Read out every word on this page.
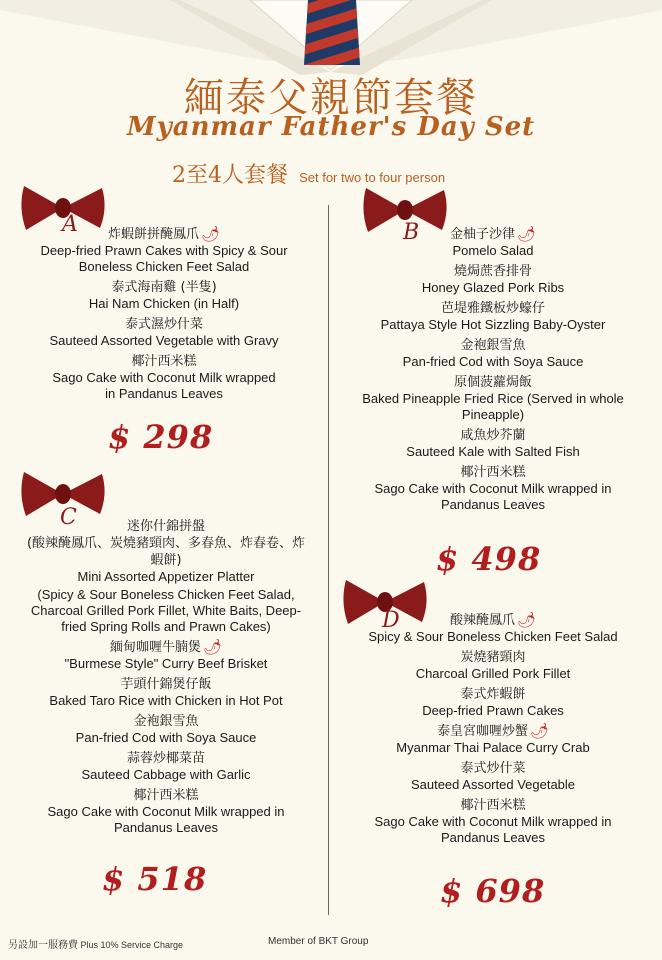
緬泰父親節套餐
Myanmar Father's Day Set
2至4人套餐 Set for two to four person
A	B
C
D
炸蝦餅拼醃鳳爪 🌶
Deep-fried Prawn Cakes with Spicy & Sour Boneless Chicken Feet Salad
泰式海南雞 (半隻)
Hai Nam Chicken (in Half)
泰式濕炒什菜
Sauteed Assorted Vegetable with Gravy
椰汁西米糕
Sago Cake with Coconut Milk wrapped in Pandanus Leaves
$ 298
金柚子沙律 🌶
Pomelo Salad
燒焗蔗香排骨
Honey Glazed Pork Ribs
芭堤雅鐵板炒蠔仔
Pattaya Style Hot Sizzling Baby-Oyster
金袍銀雪魚
Pan-fried Cod with Soya Sauce
原個菠蘿焗飯
Baked Pineapple Fried Rice (Served in whole Pineapple)
咸魚炒芥蘭
Sauteed Kale with Salted Fish
椰汁西米糕
Sago Cake with Coconut Milk wrapped in Pandanus Leaves
$ 498
迷你什錦拼盤
(酸辣醃鳳爪、炭燒豬頸肉、多春魚、炸春卷、炸蝦餅)
Mini Assorted Appetizer Platter
(Spicy & Sour Boneless Chicken Feet Salad, Charcoal Grilled Pork Fillet, White Baits, Deep-fried Spring Rolls and Prawn Cakes)
緬甸咖喱牛腩煲 🌶
"Burmese Style" Curry Beef Brisket
芋頭什錦煲仔飯
Baked Taro Rice with Chicken in Hot Pot
金袍銀雪魚
Pan-fried Cod with Soya Sauce
蒜蓉炒椰菜苗
Sauteed Cabbage with Garlic
椰汁西米糕
Sago Cake with Coconut Milk wrapped in Pandanus Leaves
$ 518
酸辣醃鳳爪 🌶
Spicy & Sour Boneless Chicken Feet Salad
炭燒豬頸肉
Charcoal Grilled Pork Fillet
泰式炸蝦餅
Deep-fried Prawn Cakes
泰皇宮咖喱炒蟹 🌶
Myanmar Thai Palace Curry Crab
泰式炒什菜
Sauteed Assorted Vegetable
椰汁西米糕
Sago Cake with Coconut Milk wrapped in Pandanus Leaves
$ 698
另設加一服務費 Plus 10% Service Charge	Member of BKT Group
